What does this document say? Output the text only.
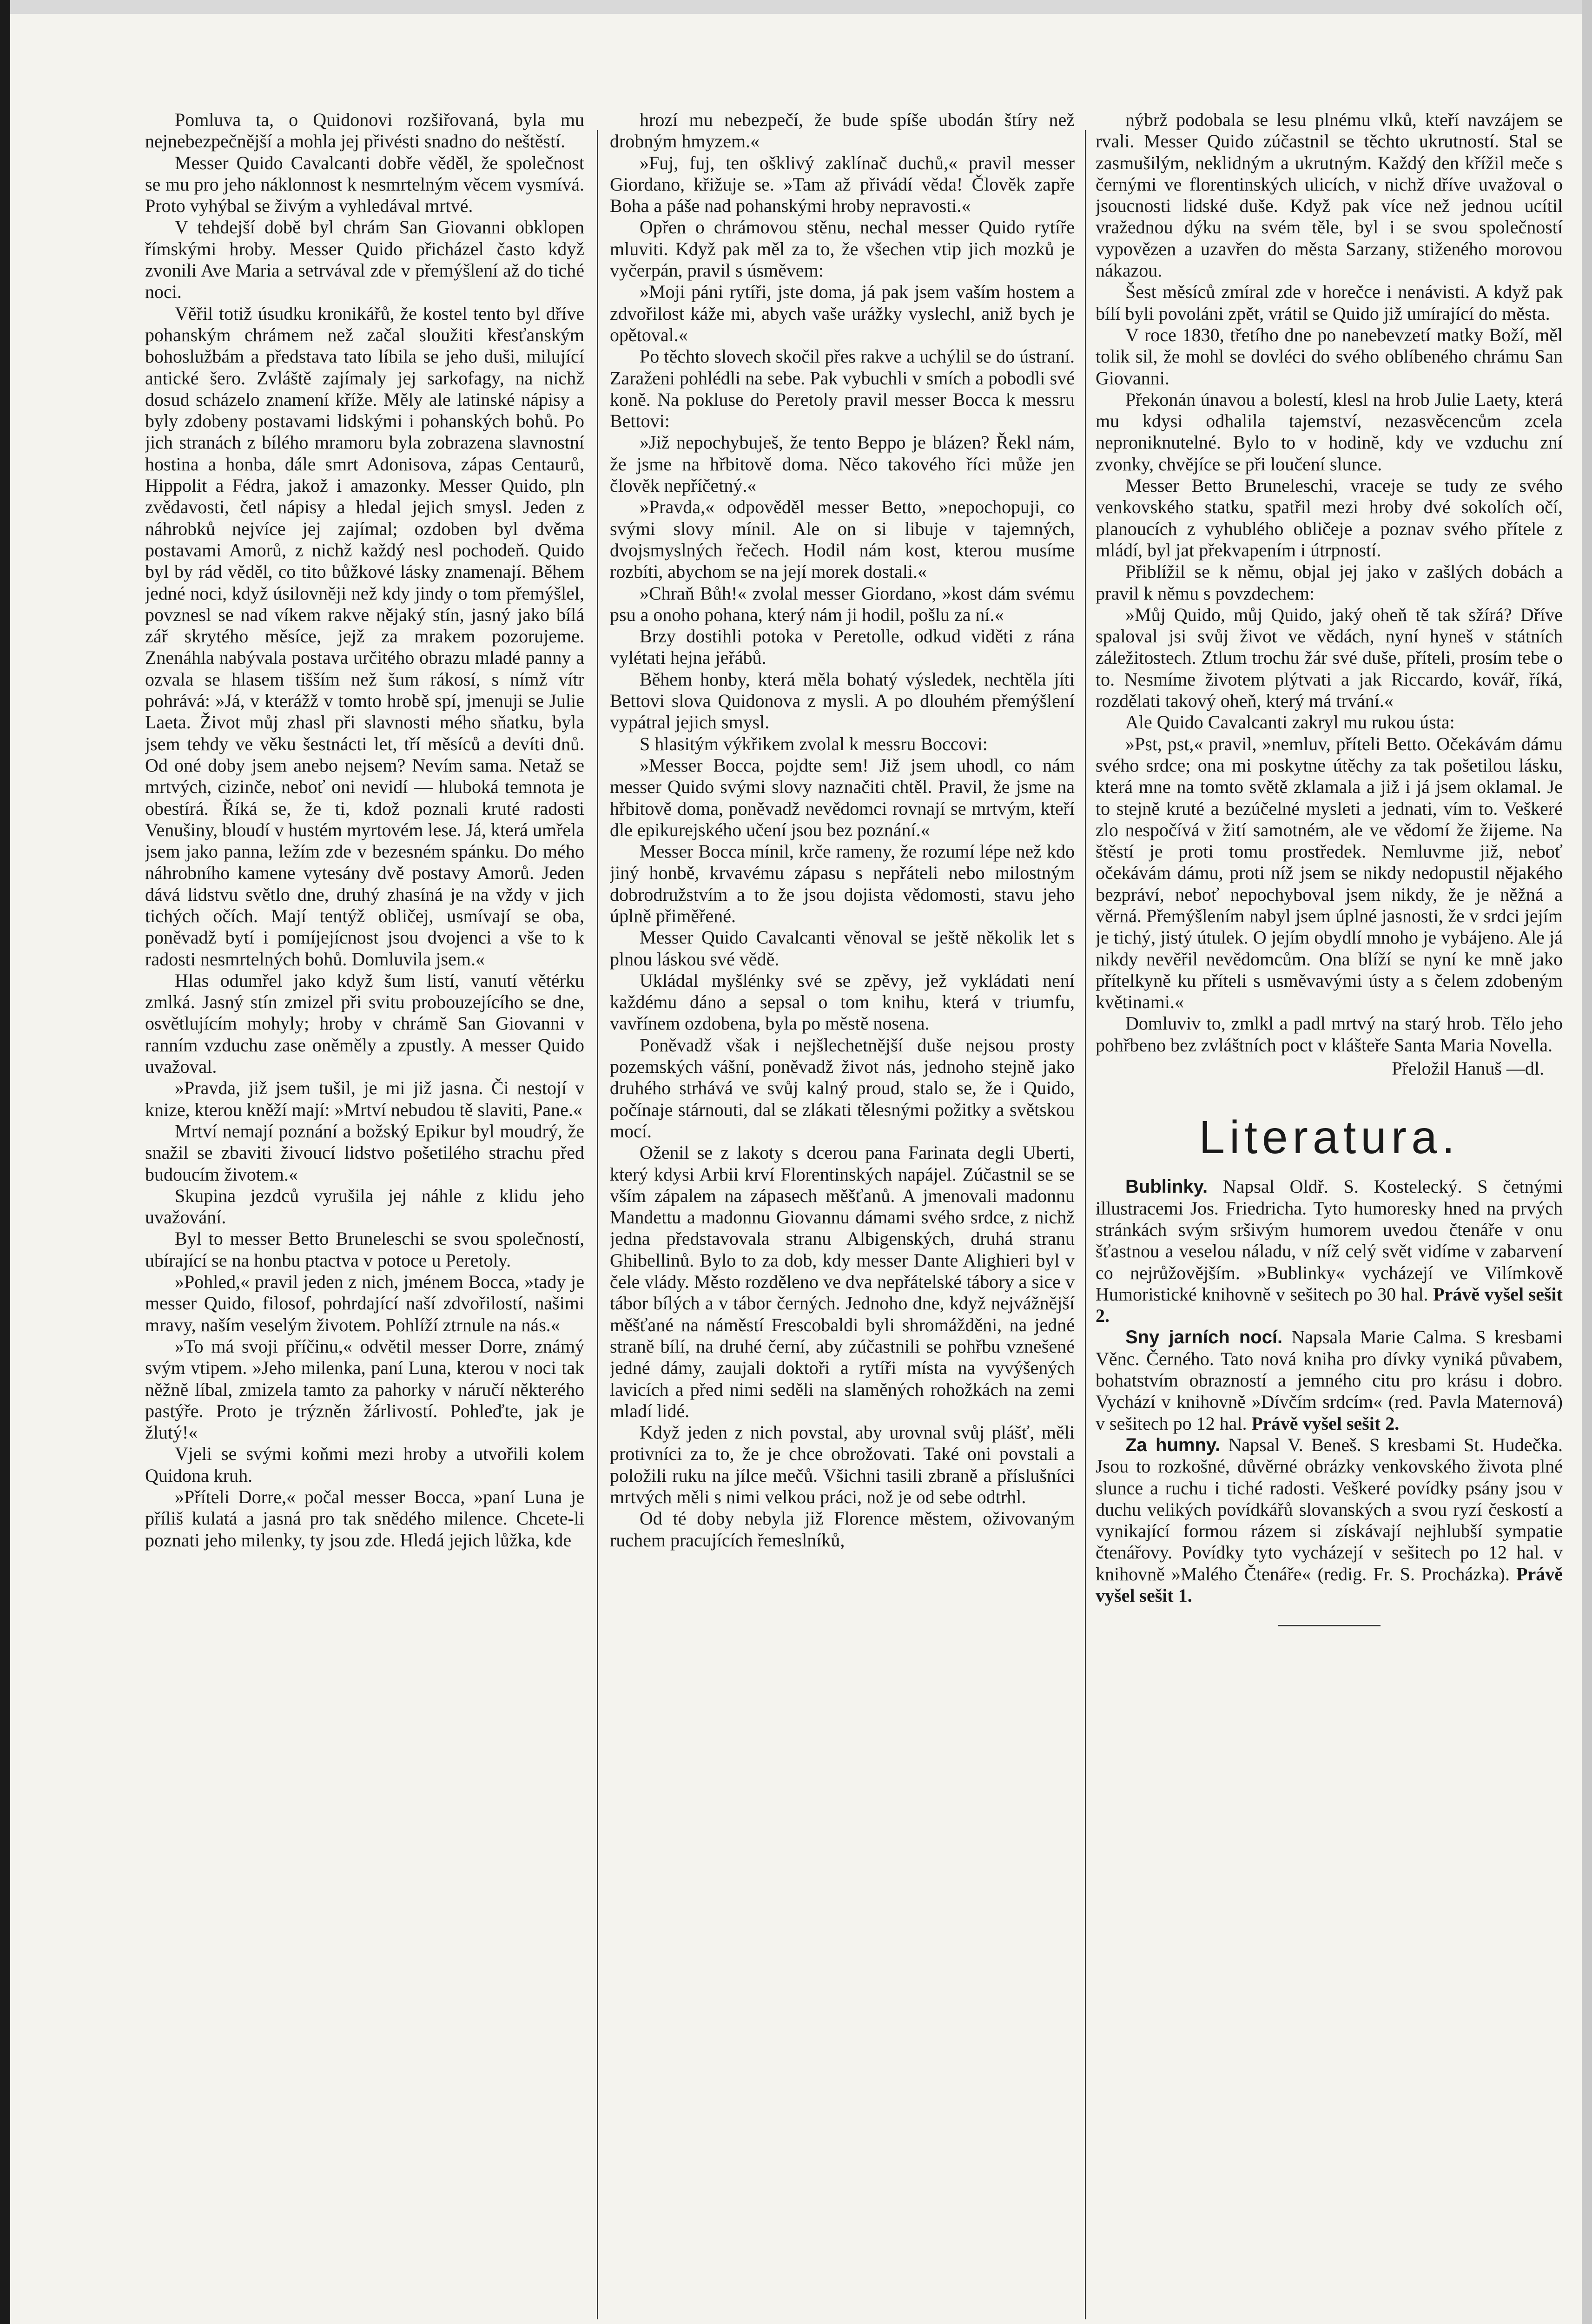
Pomluva ta, o Quidonovi rozšiřovaná, byla mu nejnebezpečnější a mohla jej přivésti snadno do neštěstí.

Messer Quido Cavalcanti dobře věděl, že společnost se mu pro jeho náklonnost k nesmrtelným věcem vysmívá. Proto vyhýbal se živým a vyhledával mrtvé.

V tehdejší době byl chrám San Giovanni obklopen římskými hroby. Messer Quido přicházel často když zvonili Ave Maria a setrvával zde v přemýšlení až do tiché noci.

Věřil totiž úsudku kronikářů, že kostel tento byl dříve pohanským chrámem než začal sloužiti křesťanským bohoslužbám a představa tato líbila se jeho duši, milující antické šero. Zvláště zajímaly jej sarkofagy, na nichž dosud scházelo znamení kříže. Měly ale latinské nápisy a byly zdobeny postavami lidskými i pohanských bohů. Po jich stranách z bílého mramoru byla zobrazena slavnostní hostina a honba, dále smrt Adonisova, zápas Centaurů, Hippolit a Fédra, jakož i amazonky. Messer Quido, pln zvědavosti, četl nápisy a hledal jejich smysl. Jeden z náhrobků nejvíce jej zajímal; ozdoben byl dvěma postavami Amorů, z nichž každý nesl pochodeň. Quido byl by rád věděl, co tito bůžkové lásky znamenají. Během jedné noci, když úsilovněji než kdy jindy o tom přemýšlel, povznesl se nad víkem rakve nějaký stín, jasný jako bílá zář skrytého měsíce, jejž za mrakem pozorujeme. Znenáhla nabývala postava určitého obrazu mladé panny a ozvala se hlasem tišším než šum rákosí, s nímž vítr pohrává: »Já, v kterážž v tomto hrobě spí, jmenuji se Julie Laeta. Život můj zhasl při slavnosti mého sňatku, byla jsem tehdy ve věku šestnácti let, tří měsíců a devíti dnů. Od oné doby jsem anebo nejsem? Nevím sama. Netaž se mrtvých, cizinče, neboť oni nevidí — hluboká temnota je obestírá. Říká se, že ti, kdož poznali kruté radosti Venušiny, bloudí v hustém myrtovém lese. Já, která umřela jsem jako panna, ležím zde v bezesném spánku. Do mého náhrobního kamene vytesány dvě postavy Amorů. Jeden dává lidstvu světlo dne, druhý zhasíná je na vždy v jich tichých očích. Mají tentýž obličej, usmívají se oba, poněvadž bytí i pomíjejícnost jsou dvojenci a vše to k radosti nesmrtelných bohů. Domluvila jsem.«

Hlas odumřel jako když šum listí, vanutí větérku zmlká. Jasný stín zmizel při svitu probouzejícího se dne, osvětlujícím mohyly; hroby v chrámě San Giovanni v ranním vzduchu zase oněměly a zpustly. A messer Quido uvažoval.

»Pravda, již jsem tušil, je mi již jasna. Či nestojí v knize, kterou kněží mají: »Mrtví nebudou tě slaviti, Pane.«

Mrtví nemají poznání a božský Epikur byl moudrý, že snažil se zbaviti živoucí lidstvo pošetilého strachu před budoucím životem.«

Skupina jezdců vyrušila jej náhle z klidu jeho uvažování.

Byl to messer Betto Bruneleschi se svou společností, ubírající se na honbu ptactva v potoce u Peretoly.

»Pohled,« pravil jeden z nich, jménem Bocca, »tady je messer Quido, filosof, pohrdající naší zdvořilostí, našimi mravy, naším veselým životem. Pohlíží ztrnule na nás.«

»To má svoji příčinu,« odvětil messer Dorre, známý svým vtipem. »Jeho milenka, paní Luna, kterou v noci tak něžně líbal, zmizela tamto za pahorky v náručí některého pastýře. Proto je trýzněn žárlivostí. Pohleďte, jak je žlutý!«

Vjeli se svými koňmi mezi hroby a utvořili kolem Quidona kruh.

»Příteli Dorre,« počal messer Bocca, »paní Luna je příliš kulatá a jasná pro tak snědého milence. Chcete-li poznati jeho milenky, ty jsou zde. Hledá jejich lůžka, kde

hrozí mu nebezpečí, že bude spíše ubodán štíry než drobným hmyzem.«

»Fuj, fuj, ten ošklivý zaklínač duchů,« pravil messer Giordano, křižuje se. »Tam až přivádí věda! Člověk zapře Boha a páše nad pohanskými hroby nepravosti.«

Opřen o chrámovou stěnu, nechal messer Quido rytíře mluviti. Když pak měl za to, že všechen vtip jich mozků je vyčerpán, pravil s úsměvem:

»Moji páni rytíři, jste doma, já pak jsem vaším hostem a zdvořilost káže mi, abych vaše urážky vyslechl, aniž bych je opětoval.«

Po těchto slovech skočil přes rakve a uchýlil se do ústraní. Zaraženi pohlédli na sebe. Pak vybuchli v smích a pobodli své koně. Na pokluse do Peretoly pravil messer Bocca k messru Bettovi:

»Již nepochybuješ, že tento Beppo je blázen? Řekl nám, že jsme na hřbitově doma. Něco takového říci může jen člověk nepříčetný.«

»Pravda,« odpověděl messer Betto, »nepochopuji, co svými slovy mínil. Ale on si libuje v tajemných, dvojsmyslných řečech. Hodil nám kost, kterou musíme rozbíti, abychom se na její morek dostali.«

»Chraň Bůh!« zvolal messer Giordano, »kost dám svému psu a onoho pohana, který nám ji hodil, pošlu za ní.«

Brzy dostihli potoka v Peretolle, odkud viděti z rána vylétati hejna jeřábů.

Během honby, která měla bohatý výsledek, nechtěla jíti Bettovi slova Quidonova z mysli. A po dlouhém přemýšlení vypátral jejich smysl.

S hlasitým výkřikem zvolal k messru Boccovi:

»Messer Bocca, pojdte sem! Již jsem uhodl, co nám messer Quido svými slovy naznačiti chtěl. Pravil, že jsme na hřbitově doma, poněvadž nevědomci rovnají se mrtvým, kteří dle epikurejského učení jsou bez poznání.«

Messer Bocca mínil, krče rameny, že rozumí lépe než kdo jiný honbě, krvavému zápasu s nepřáteli nebo milostným dobrodružstvím a to že jsou dojista vědomosti, stavu jeho úplně přiměřené.

Messer Quido Cavalcanti věnoval se ještě několik let s plnou láskou své vědě.

Ukládal myšlénky své se zpěvy, jež vykládati není každému dáno a sepsal o tom knihu, která v triumfu, vavřínem ozdobena, byla po městě nosena.

Poněvadž však i nejšlechetnější duše nejsou prosty pozemských vášní, poněvadž život nás, jednoho stejně jako druhého strhává ve svůj kalný proud, stalo se, že i Quido, počínaje stárnouti, dal se zlákati tělesnými požitky a světskou mocí.

Oženil se z lakoty s dcerou pana Farinata degli Uberti, který kdysi Arbii krví Florentinských napájel. Zúčastnil se se vším zápalem na zápasech měšťanů. A jmenovali madonnu Mandettu a madonnu Giovannu dámami svého srdce, z nichž jedna představovala stranu Albigenských, druhá stranu Ghibellinů. Bylo to za dob, kdy messer Dante Alighieri byl v čele vlády. Město rozděleno ve dva nepřátelské tábory a sice v tábor bílých a v tábor černých. Jednoho dne, když nejvážnější měšťané na náměstí Frescobaldi byli shromážděni, na jedné straně bílí, na druhé černí, aby zúčastnili se pohřbu vznešené jedné dámy, zaujali doktoři a rytíři místa na vyvýšených lavicích a před nimi seděli na slaměných rohožkách na zemi mladí lidé.

Když jeden z nich povstal, aby urovnal svůj plášť, měli protivníci za to, že je chce obrožovati. Také oni povstali a položili ruku na jílce mečů. Všichni tasili zbraně a příslušníci mrtvých měli s nimi velkou práci, nož je od sebe odtrhl.

Od té doby nebyla již Florence městem, oživovaným ruchem pracujících řemeslníků,

nýbrž podobala se lesu plnému vlků, kteří navzájem se rvali. Messer Quido zúčastnil se těchto ukrutností. Stal se zasmušilým, neklidným a ukrutným. Každý den křížil meče s černými ve florentinských ulicích, v nichž dříve uvažoval o jsoucnosti lidské duše. Když pak více než jednou ucítil vražednou dýku na svém těle, byl i se svou společností vypovězen a uzavřen do města Sarzany, stiženého morovou nákazou.

Šest měsíců zmíral zde v horečce i nenávisti. A když pak bílí byli povoláni zpět, vrátil se Quido již umírající do města.

V roce 1830, třetího dne po nanebevzetí matky Boží, měl tolik sil, že mohl se dovléci do svého oblíbeného chrámu San Giovanni.

Překonán únavou a bolestí, klesl na hrob Julie Laety, která mu kdysi odhalila tajemství, nezasvěcencům zcela neproniknutelné. Bylo to v hodině, kdy ve vzduchu zní zvonky, chvějíce se při loučení slunce.

Messer Betto Bruneleschi, vraceje se tudy ze svého venkovského statku, spatřil mezi hroby dvé sokolích očí, planoucích z vyhublého obličeje a poznav svého přítele z mládí, byl jat překvapením i útrpností.

Přiblížil se k němu, objal jej jako v zašlých dobách a pravil k němu s povzdechem:

»Můj Quido, můj Quido, jaký oheň tě tak sžírá? Dříve spaloval jsi svůj život ve vědách, nyní hyneš v státních záležitostech. Ztlum trochu žár své duše, příteli, prosím tebe o to. Nesmíme životem plýtvati a jak Riccardo, kovář, říká, rozdělati takový oheň, který má trvání.«

Ale Quido Cavalcanti zakryl mu rukou ústa:

»Pst, pst,« pravil, »nemluv, příteli Betto. Očekávám dámu svého srdce; ona mi poskytne útěchy za tak pošetilou lásku, která mne na tomto světě zklamala a již i já jsem oklamal. Je to stejně kruté a bezúčelné mysleti a jednati, vím to. Veškeré zlo nespočívá v žití samotném, ale ve vědomí že žijeme. Na štěstí je proti tomu prostředek. Nemluvme již, neboť očekávám dámu, proti níž jsem se nikdy nedopustil nějakého bezpráví, neboť nepochyboval jsem nikdy, že je něžná a věrná. Přemýšlením nabyl jsem úplné jasnosti, že v srdci jejím je tichý, jistý útulek. O jejím obydlí mnoho je vybájeno. Ale já nikdy nevěřil nevědomcům. Ona blíží se nyní ke mně jako přítelkyně ku příteli s usměvavými ústy a s čelem zdobeným květinami.«

Domluviv to, zmlkl a padl mrtvý na starý hrob. Tělo jeho pohřbeno bez zvláštních poct v klášteře Santa Maria Novella.

Přeložil Hanuš —dl.

Literatura.

Bublinky. Napsal Oldř. S. Kostelecký. S četnými illustracemi Jos. Friedricha. Tyto humoresky hned na prvých stránkách svým sršivým humorem uvedou čtenáře v onu šťastnou a veselou náladu, v níž celý svět vidíme v zabarvení co nejrůžovějším. »Bublinky« vycházejí ve Vilímkově Humoristické knihovně v sešitech po 30 hal. Právě vyšel sešit 2.

Sny jarních nocí. Napsala Marie Calma. S kresbami Věnc. Černého. Tato nová kniha pro dívky vyniká půvabem, bohatstvím obrazností a jemného citu pro krásu i dobro. Vychází v knihovně »Dívčím srdcím« (red. Pavla Maternová) v sešitech po 12 hal. Právě vyšel sešit 2.

Za humny. Napsal V. Beneš. S kresbami St. Hudečka. Jsou to rozkošné, důvěrné obrázky venkovského života plné slunce a ruchu i tiché radosti. Veškeré povídky psány jsou v duchu velikých povídkářů slovanských a svou ryzí českostí a vynikající formou rázem si získávají nejhlubší sympatie čtenářovy. Povídky tyto vycházejí v sešitech po 12 hal. v knihovně »Malého Čtenáře« (redig. Fr. S. Procházka). Právě vyšel sešit 1.
